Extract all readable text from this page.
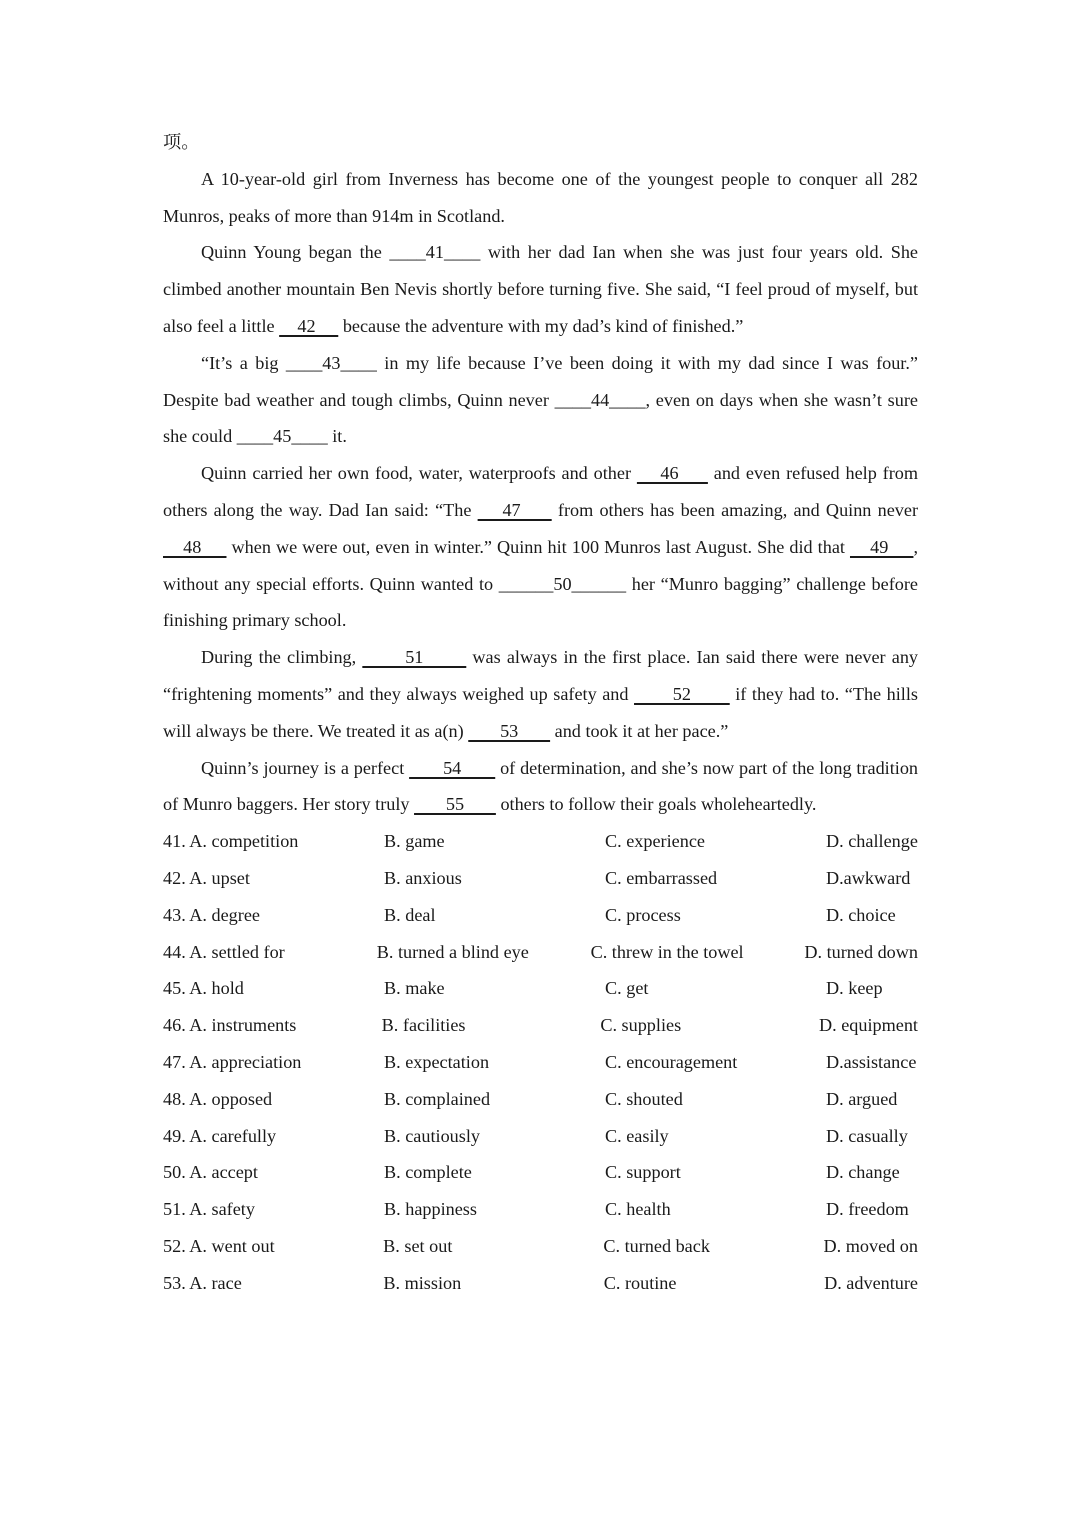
项。

A 10-year-old girl from Inverness has become one of the youngest people to conquer all 282 Munros, peaks of more than 914m in Scotland.

Quinn Young began the ____41____ with her dad Ian when she was just four years old. She climbed another mountain Ben Nevis shortly before turning five. She said, “I feel proud of myself, but also feel a little     42      because the adventure with my dad’s kind of finished.”

“It’s a big ____43____ in my life because I’ve been doing it with my dad since I was four.” Despite bad weather and tough climbs, Quinn never ____44____, even on days when she wasn’t sure she could ____45____ it.

Quinn carried her own food, water, waterproofs and other     46      and even refused help from others along the way. Dad Ian said: “The     47      from others has been amazing, and Quinn never     48      when we were out, even in winter.” Quinn hit 100 Munros last August. She did that     49     , without any special efforts. Quinn wanted to ______50______ her “Munro bagging” challenge before finishing primary school.

During the climbing,        51        was always in the first place. Ian said there were never any “frightening moments” and they always weighed up safety and        52        if they had to. “The hills will always be there. We treated it as a(n)        53        and took it at her pace.”

Quinn’s journey is a perfect        54        of determination, and she’s now part of the long tradition of Munro baggers. Her story truly        55        others to follow their goals wholeheartedly.

41. A. competition	B. game	C. experience	D. challenge
42. A. upset	B. anxious	C. embarrassed	D.awkward
43. A. degree	B. deal	C. process	D. choice
44. A. settled for	B. turned a blind eye	C. threw in the towel	D. turned down
45. A. hold	B. make	C. get	D. keep
46. A. instruments	B. facilities	C. supplies	D. equipment
47. A. appreciation	B. expectation	C. encouragement	D.assistance
48. A. opposed	B. complained	C. shouted	D. argued
49. A. carefully	B. cautiously	C. easily	D. casually
50. A. accept	B. complete	C. support	D. change
51. A. safety	B. happiness	C. health	D. freedom
52. A. went out	B. set out	C. turned back	D. moved on
53. A. race	B. mission	C. routine	D. adventure
